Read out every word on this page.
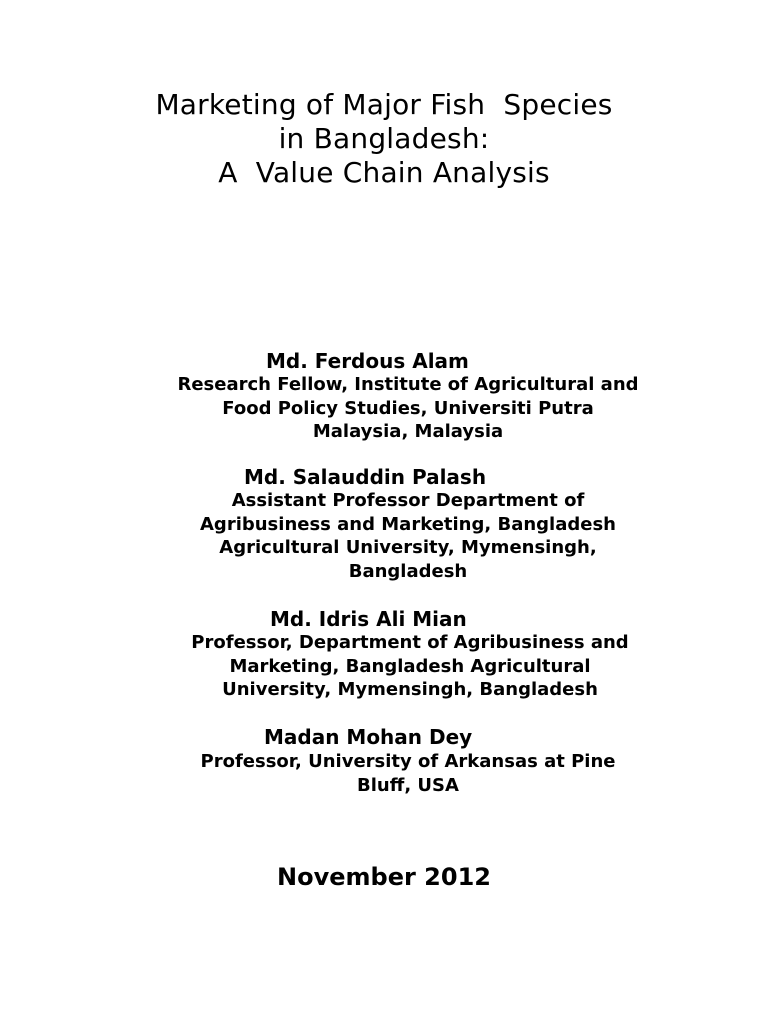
Marketing of Major Fish  Species
in Bangladesh:
A  Value Chain Analysis
Md. Ferdous Alam
Research Fellow, Institute of Agricultural and
Food Policy Studies, Universiti Putra
Malaysia, Malaysia
Md. Salauddin Palash
Assistant Professor Department of
Agribusiness and Marketing, Bangladesh
Agricultural University, Mymensingh,
Bangladesh
Md. Idris Ali Mian
Professor, Department of Agribusiness and
Marketing, Bangladesh Agricultural
University, Mymensingh, Bangladesh
Madan Mohan Dey
Professor, University of Arkansas at Pine
Bluff, USA
November 2012
